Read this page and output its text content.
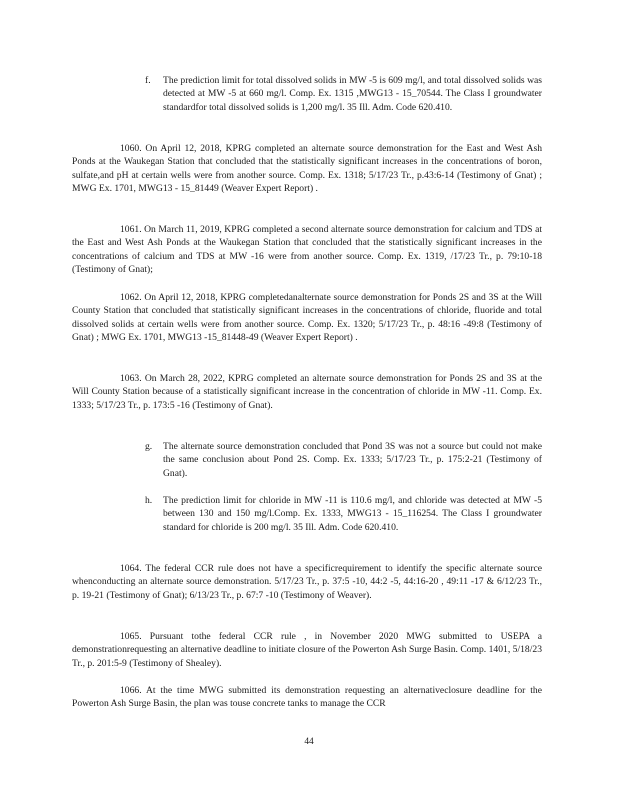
f. The prediction limit for total dissolved solids in MW -5 is 609 mg/l, and total dissolved solids was detected at MW -5 at 660 mg/l. Comp. Ex. 1315 ,MWG13 - 15_70544. The Class I groundwater standardfor total dissolved solids is 1,200 mg/l. 35 Ill. Adm. Code 620.410.

1060. On April 12, 2018, KPRG completed an alternate source demonstration for the East and West Ash Ponds at the Waukegan Station that concluded that the statistically significant increases in the concentrations of boron, sulfate,and pH at certain wells were from another source. Comp. Ex. 1318; 5/17/23 Tr., p.43:6-14 (Testimony of Gnat) ; MWG Ex. 1701, MWG13 - 15_81449 (Weaver Expert Report) .

1061. On March 11, 2019, KPRG completed a second alternate source demonstration for calcium and TDS at the East and West Ash Ponds at the Waukegan Station that concluded that the statistically significant increases in the concentrations of calcium and TDS at MW -16 were from another source. Comp. Ex. 1319, /17/23 Tr., p. 79:10-18 (Testimony of Gnat);

1062. On April 12, 2018, KPRG completedanalternate source demonstration for Ponds 2S and 3S at the Will County Station that concluded that statistically significant increases in the concentrations of chloride, fluoride and total dissolved solids at certain wells were from another source. Comp. Ex. 1320; 5/17/23 Tr., p. 48:16 -49:8 (Testimony of Gnat) ; MWG Ex. 1701, MWG13 -15_81448-49 (Weaver Expert Report) .

1063. On March 28, 2022, KPRG completed an alternate source demonstration for Ponds 2S and 3S at the Will County Station because of a statistically significant increase in the concentration of chloride in MW -11. Comp. Ex. 1333; 5/17/23 Tr., p. 173:5 -16 (Testimony of Gnat).

g. The alternate source demonstration concluded that Pond 3S was not a source but could not make the same conclusion about Pond 2S. Comp. Ex. 1333; 5/17/23 Tr., p. 175:2-21 (Testimony of Gnat).

h. The prediction limit for chloride in MW -11 is 110.6 mg/l, and chloride was detected at MW -5 between 130 and 150 mg/l.Comp. Ex. 1333, MWG13 - 15_116254. The Class I groundwater standard for chloride is 200 mg/l. 35 Ill. Adm. Code 620.410.

1064. The federal CCR rule does not have a specificrequirement to identify the specific alternate source whenconducting an alternate source demonstration. 5/17/23 Tr., p. 37:5 -10, 44:2 -5, 44:16-20 , 49:11 -17 & 6/12/23 Tr., p. 19-21 (Testimony of Gnat); 6/13/23 Tr., p. 67:7 -10 (Testimony of Weaver).

1065. Pursuant tothe federal CCR rule , in November 2020 MWG submitted to USEPA a demonstrationrequesting an alternative deadline to initiate closure of the Powerton Ash Surge Basin. Comp. 1401, 5/18/23 Tr., p. 201:5-9 (Testimony of Shealey).

1066. At the time MWG submitted its demonstration requesting an alternativeclosure deadline for the Powerton Ash Surge Basin, the plan was touse concrete tanks to manage the CCR

44
